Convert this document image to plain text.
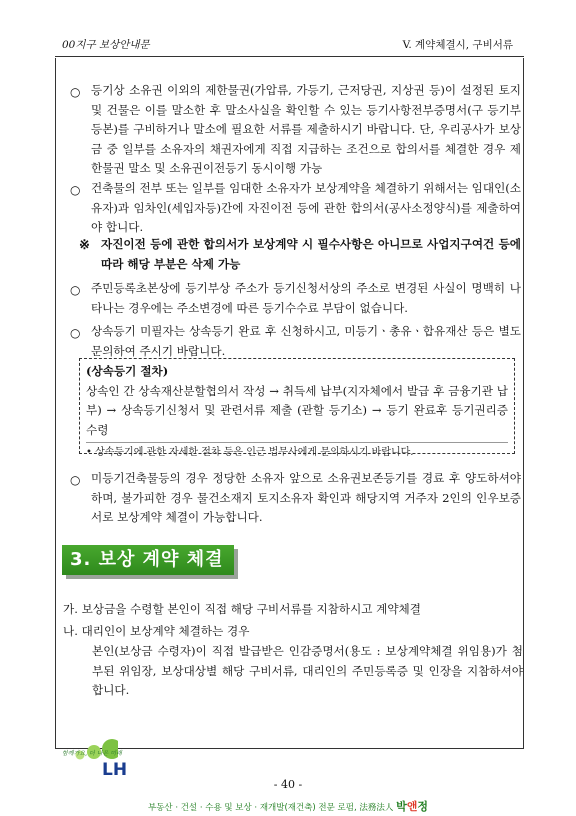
00지구 보상안내문	V. 계약체결시, 구비서류
○ 등기상 소유권 이외의 제한물권(가압류, 가등기, 근저당권, 지상권 등)이 설정된 토지 및 건물은 이를 말소한 후 말소사실을 확인할 수 있는 등기사항전부증명서(구 등기부등본)를 구비하거나 말소에 필요한 서류를 제출하시기 바랍니다. 단, 우리공사가 보상금 중 일부를 소유자의 채권자에게 직접 지급하는 조건으로 합의서를 체결한 경우 제한물권 말소 및 소유권이전등기 동시이행 가능
○ 건축물의 전부 또는 일부를 임대한 소유자가 보상계약을 체결하기 위해서는 임대인(소유자)과 임차인(세입자등)간에 자진이전 등에 관한 합의서(공사소정양식)를 제출하여야 합니다.
※ 자진이전 등에 관한 합의서가 보상계약 시 필수사항은 아니므로 사업지구여건 등에 따라 해당 부분은 삭제 가능
○ 주민등록초본상에 등기부상 주소가 등기신청서상의 주소로 변경된 사실이 명백히 나타나는 경우에는 주소변경에 따른 등기수수료 부담이 없습니다.
○ 상속등기 미필자는 상속등기 완료 후 신청하시고, 미등기ㆍ총유ㆍ합유재산 등은 별도 문의하여 주시기 바랍니다.
(상속등기 절차)
상속인 간 상속재산분할협의서 작성 → 취득세 납부(지자체에서 발급 후 금융기관 납부) → 상속등기신청서 및 관련서류 제출 (관할 등기소) → 등기 완료후 등기권리증 수령
• 상속등기에 관한 자세한 절차 등은 인근 법무사에게 문의하시기 바랍니다.
○ 미등기건축물등의 경우 정당한 소유자 앞으로 소유권보존등기를 경료 후 양도하셔야 하며, 불가피한 경우 물건소재지 토지소유자 확인과 해당지역 거주자 2인의 인우보증서로 보상계약 체결이 가능합니다.
3. 보상 계약 체결
가. 보상금을 수령할 본인이 직접 해당 구비서류를 지참하시고 계약체결
나. 대리인이 보상계약 체결하는 경우
본인(보상금 수령자)이 직접 발급받은 인감증명서(용도 : 보상계약체결 위임용)가 첨부된 위임장, 보상대상별 해당 구비서류, 대리인의 주민등록증 및 인장을 지참하셔야 합니다.
함께가요, 더 나은 미래
LH
- 40 -
부동산 · 건설 · 수용 및 보상 · 재개발(재건축) 전문 로펌, 法務法人 박앤정
